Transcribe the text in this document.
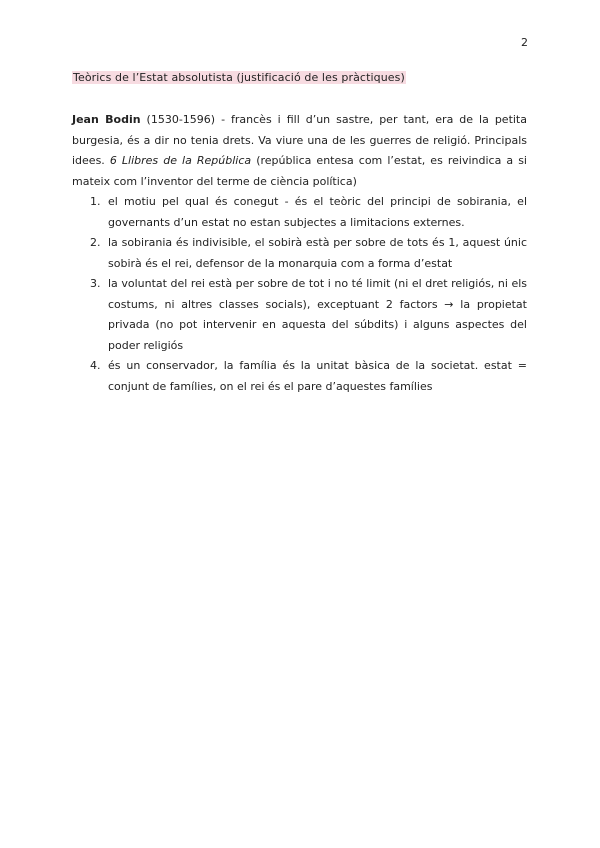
2
Teòrics de l’Estat absolutista (justificació de les pràctiques)

Jean Bodin (1530-1596) - francès i fill d’un sastre, per tant, era de la petita burgesia, és a dir no tenia drets. Va viure una de les guerres de religió. Principals idees. 6 Llibres de la República (república entesa com l’estat, es reivindica a si mateix com l’inventor del terme de ciència política)

1. el motiu pel qual és conegut - és el teòric del principi de sobirania, el governants d’un estat no estan subjectes a limitacions externes.
2. la sobirania és indivisible, el sobirà està per sobre de tots és 1, aquest únic sobirà és el rei, defensor de la monarquia com a forma d’estat
3. la voluntat del rei està per sobre de tot i no té limit (ni el dret religiós, ni els costums, ni altres classes socials), exceptuant 2 factors → la propietat privada (no pot intervenir en aquesta del súbdits) i alguns aspectes del poder religiós
4. és un conservador, la família és la unitat bàsica de la societat. estat = conjunt de famílies, on el rei és el pare d’aquestes famílies
